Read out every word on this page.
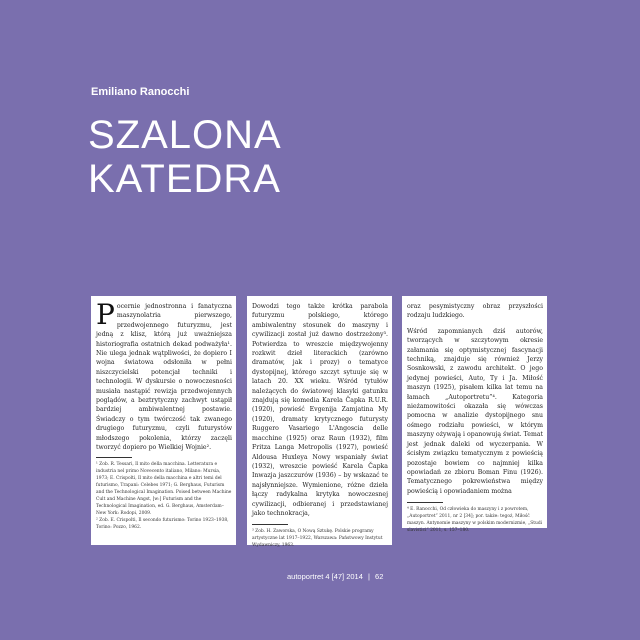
Emiliano Ranocchi
SZALONA
KATEDRA
P ocernie jednostronna i fanatyczna maszynolatria pierwszego, przedwojennego futuryzmu, jest jedną z klisz, którą już uważniejsza historiografia ostatnich dekad podważyła¹. Nie ulega jednak wątpliwości, że dopiero I wojna światowa odsłoniła w pełni niszczycielski potencjał techniki i technologii. W dyskursie o nowoczesności musiała nastąpić rewizja przedwojennych poglądów, a beztrytyczny zachwyt ustąpił bardziej ambiwalentnej postawie. Świadczy o tym twórczość tak zwanego drugiego futuryzmu, czyli futurystów młodszego pokolenia, którzy zaczęli tworzyć dopiero po Wielkiej Wojnie².

¹ Zob. R. Tessari, Il mito della macchina. Letteratura e industria nel primo Novecento italiano, Milano: Mursia, 1973; E. Crispolti, Il mito della macchina e altri temi del futurismo, Trapani: Celebes 1971; G. Berghaus, Futurism and the Technological Imagination. Poised between Machine Cult and Machine Angst, [w:] Futurism and the Technological Imagination, ed. G. Berghaus, Amsterdam–New York: Rodopi, 2009.

² Zob. E. Crispolti, Il secondo futurismo: Torino 1923–1938, Torino: Pozzo, 1962.

Dowodzi tego także krótka parabola futuryzmu polskiego, którego ambiwalentny stosunek do maszyny i cywilizacji został już dawno dostrzeżony³. Potwierdza to wreszcie międzywojenny rozkwit dzieł literackich (zarówno dramatów, jak i prozy) o tematyce dystopijnej, którego szczyt sytuuje się w latach 20. XX wieku. Wśród tytułów należących do światowej klasyki gatunku znajdują się komedia Karela Čapka R.U.R. (1920), powieść Evgenija Zamjatina My (1920), dramaty krytycznego futurysty Ruggero Vasariego L'Angoscia delle macchine (1925) oraz Raun (1932), film Fritza Langa Metropolis (1927), powieść Aldousa Huxleya Nowy wspaniały świat (1932), wreszcie powieść Karela Čapka Inwazja jaszczurów (1936) – by wskazać te najsłynniejsze. Wymienione, różne dzieła łączy radykalna krytyka nowoczesnej cywilizacji, odbieranej i przedstawianej jako technokracja,

³ Zob. H. Zaworska, O Nową Sztukę. Polskie programy artystyczne lat 1917–1922, Warszawa: Państwowy Instytut Wydawniczy, 1963.

oraz pesymistyczny obraz przyszłości rodzaju ludzkiego.

Wśród zapomnianych dziś autorów, tworzących w szczytowym okresie załamania się optymistycznej fascynacji techniką, znajduje się również Jerzy Sosnkowski, z zawodu architekt. O jego jedynej powieści, Auto, Ty i Ja. Miłość maszyn (1925), pisałem kilka lat temu na łamach „Autoportretu”⁴. Kategoria nieżamowitości okazała się wówczas pomocna w analizie dystopijnego snu ośmego rodziału powieści, w którym maszyny ożywają i opanowują świat. Temat jest jednak daleki od wyczerpania. W ścisłym związku tematycznym z powieścią pozostaje bowiem co najmniej kilka opowiadań ze zbioru Boman Finu (1926). Tematycznego pokrewieństwa między powieścią i opowiadaniem można

⁴ E. Ranocchi, Od człowieka do maszyny i z powrotem, „Autoportret” 2011, nr 2 [34]; por. także: tegoż, Miłość maszyn. Antynomie maszyny w polskim modernizmie, „Studi slavistici” 2011, s. 157–180.

autoportret 4 [47] 2014 | 62
